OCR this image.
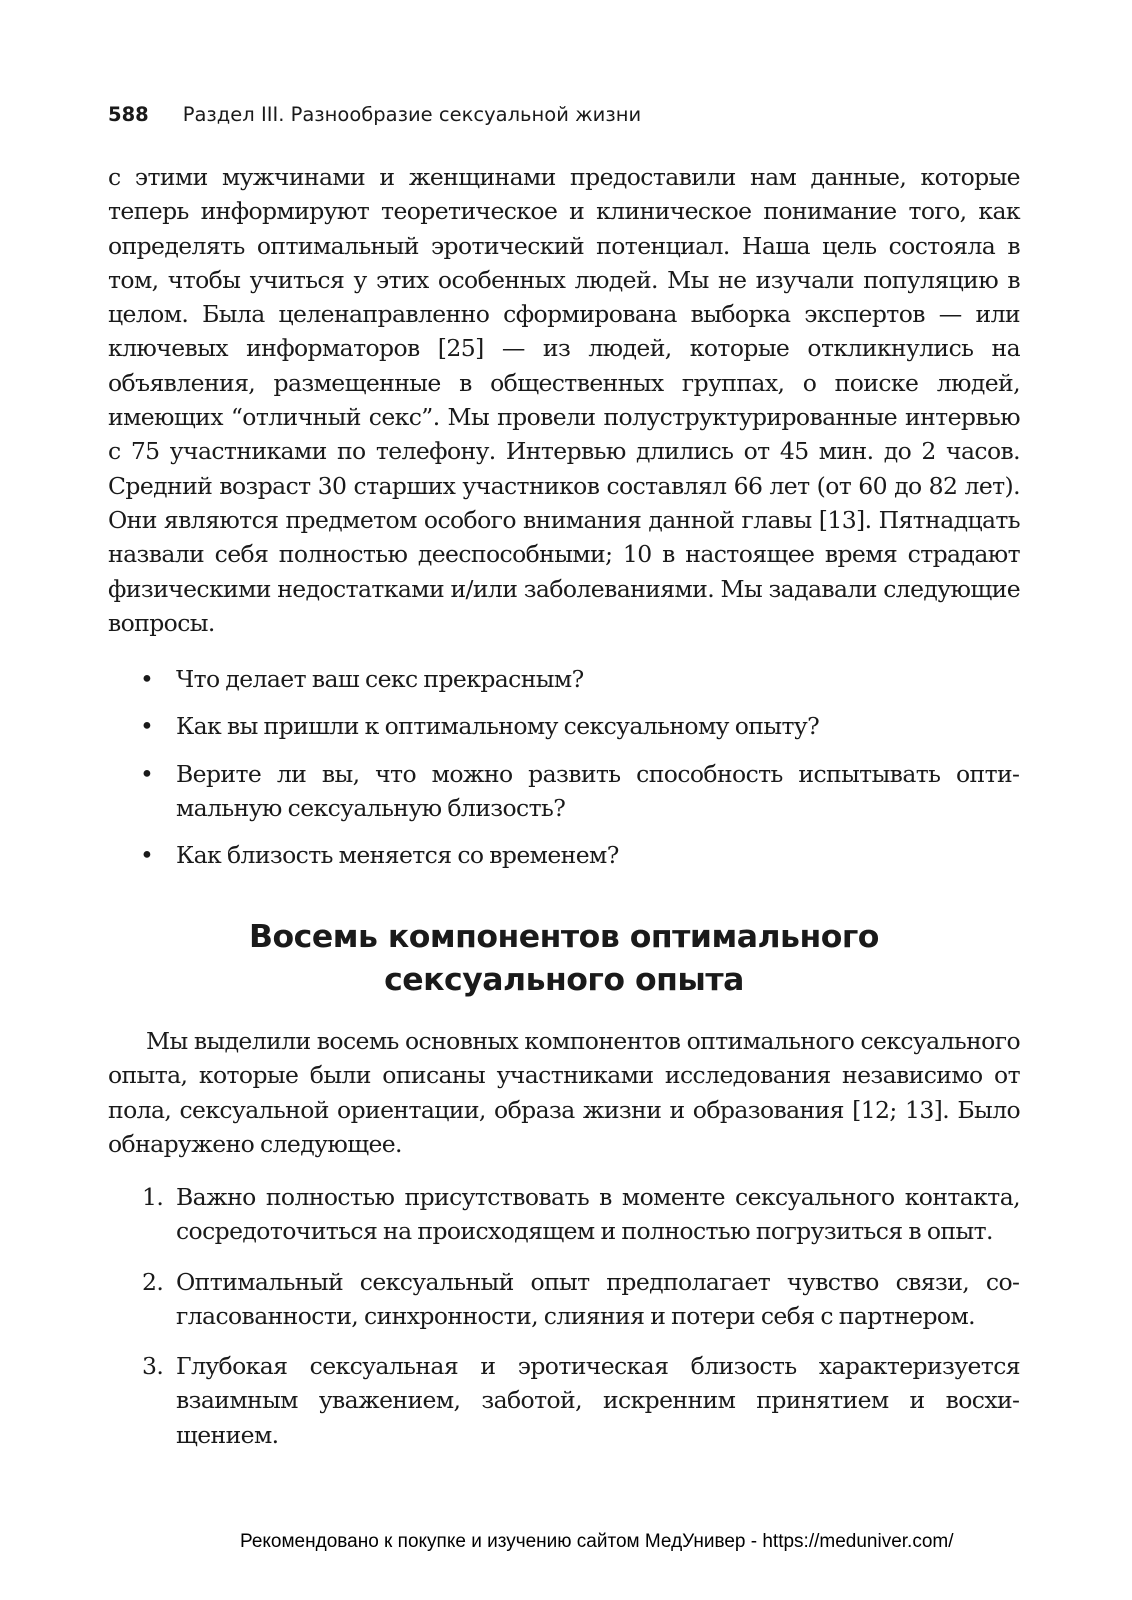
588 Раздел III. Разнообразие сексуальной жизни

с этими мужчинами и женщинами предоставили нам данные, которые теперь информируют теоретическое и клиническое понимание того, как определять оптимальный эротический потенциал. Наша цель состояла в том, чтобы учиться у этих особенных людей. Мы не изучали популяцию в целом. Была целенаправленно сформирована выборка экспертов — или ключевых информаторов [25] — из людей, которые откликнулись на объявления, размещенные в общественных группах, о поиске людей, имеющих “отличный секс”. Мы провели полуструктурированные интервью с 75 участниками по телефону. Интервью длились от 45 мин. до 2 часов. Средний возраст 30 старших участников составлял 66 лет (от 60 до 82 лет). Они являются предметом особого внимания данной главы [13]. Пятнадцать назвали себя полностью дееспособными; 10 в настоящее время страдают физическими недостатками и/или заболеваниями. Мы задавали следующие вопросы.

• Что делает ваш секс прекрасным?
• Как вы пришли к оптимальному сексуальному опыту?
• Верите ли вы, что можно развить способность испытывать оптимальную сексуальную близость?
• Как близость меняется со временем?
Восемь компонентов оптимального
сексуального опыта

Мы выделили восемь основных компонентов оптимального сексуального опыта, которые были описаны участниками исследования независимо от пола, сексуальной ориентации, образа жизни и образования [12; 13]. Было обнаружено следующее.

1. Важно полностью присутствовать в моменте сексуального контакта, сосредоточиться на происходящем и полностью погрузиться в опыт.
2. Оптимальный сексуальный опыт предполагает чувство связи, согласованности, синхронности, слияния и потери себя с партнером.
3. Глубокая сексуальная и эротическая близость характеризуется взаимным уважением, заботой, искренним принятием и восхищением.
Рекомендовано к покупке и изучению сайтом МедУнивер - https://meduniver.com/
